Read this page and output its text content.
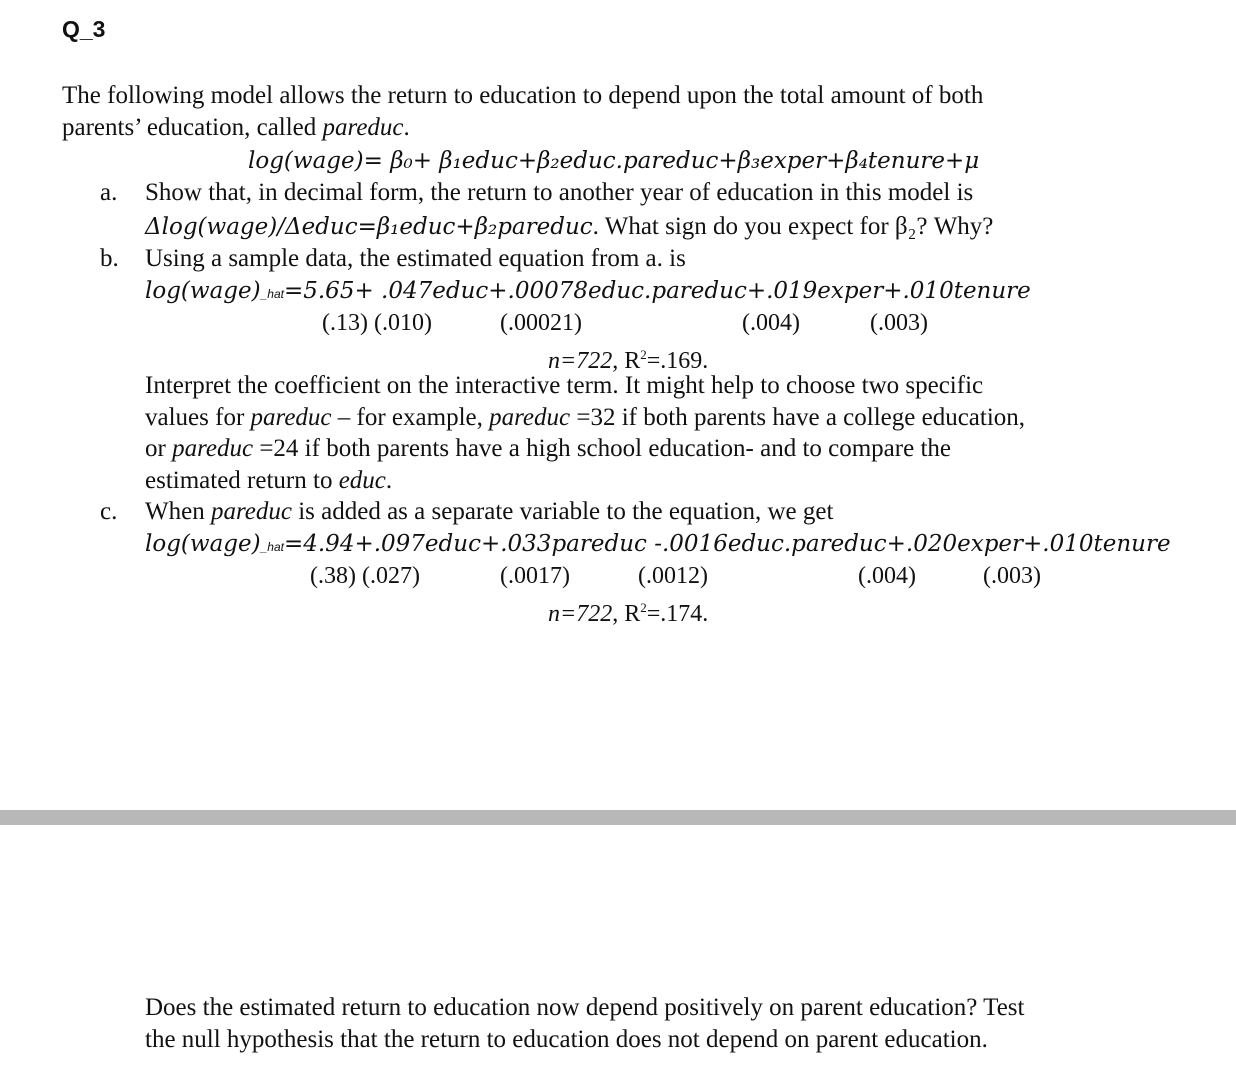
Q_3
The following model allows the return to education to depend upon the total amount of both
parents’ education, called pareduc.
log(wage)= β₀+ β₁educ+β₂educ.pareduc+β₃exper+β₄tenure+μ
a.	Show that, in decimal form, the return to another year of education in this model is
Δlog(wage)/Δeduc=β₁educ+β₂pareduc. What sign do you expect for β₂? Why?
b.	Using a sample data, the estimated equation from a. is
log(wage)_hat=5.65+ .047educ+.00078educ.pareduc+.019exper+.010tenure
(.13) (.010)	(.00021)	(.004)	(.003)
n=722, $R^2=.169$.
Interpret the coefficient on the interactive term. It might help to choose two specific
values for pareduc – for example, pareduc =32 if both parents have a college education,
or pareduc =24 if both parents have a high school education- and to compare the
estimated return to educ.
c.	When pareduc is added as a separate variable to the equation, we get
log(wage)_hat=4.94+.097educ+.033pareduc -.0016educ.pareduc+.020exper+.010tenure
(.38) (.027)	(.0017)	(.0012)	(.004)	(.003)
n=722, $R^2=.174$.
Does the estimated return to education now depend positively on parent education? Test
the null hypothesis that the return to education does not depend on parent education.
